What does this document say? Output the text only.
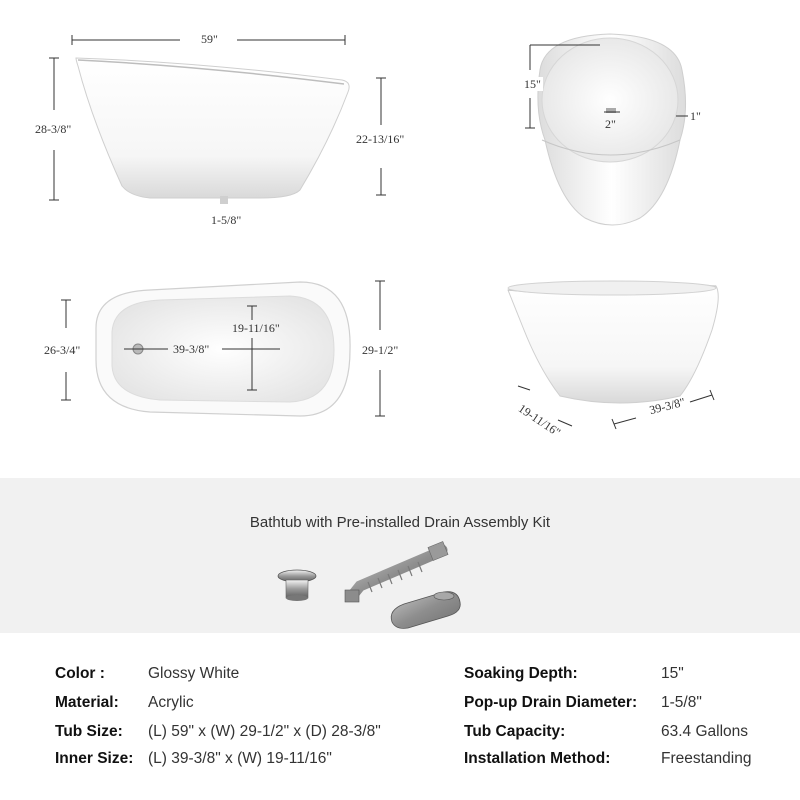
59"
28-3/8"
22-13/16"
1-5/8"
15"
2"
1"
26-3/4"	39-3/8"
19-11/16"
29-1/2"
19-11/16"	39-3/8"
Bathtub with Pre-installed Drain Assembly Kit
Color :	Glossy White
Material: Acrylic
Tub Size: (L) 59" x (W) 29-1/2" x (D) 28-3/8"
Inner Size: (L) 39-3/8" x (W) 19-11/16"
Soaking Depth:	15"
Pop-up Drain Diameter: 1-5/8"
Tub Capacity:	63.4 Gallons
Installation Method:	Freestanding
